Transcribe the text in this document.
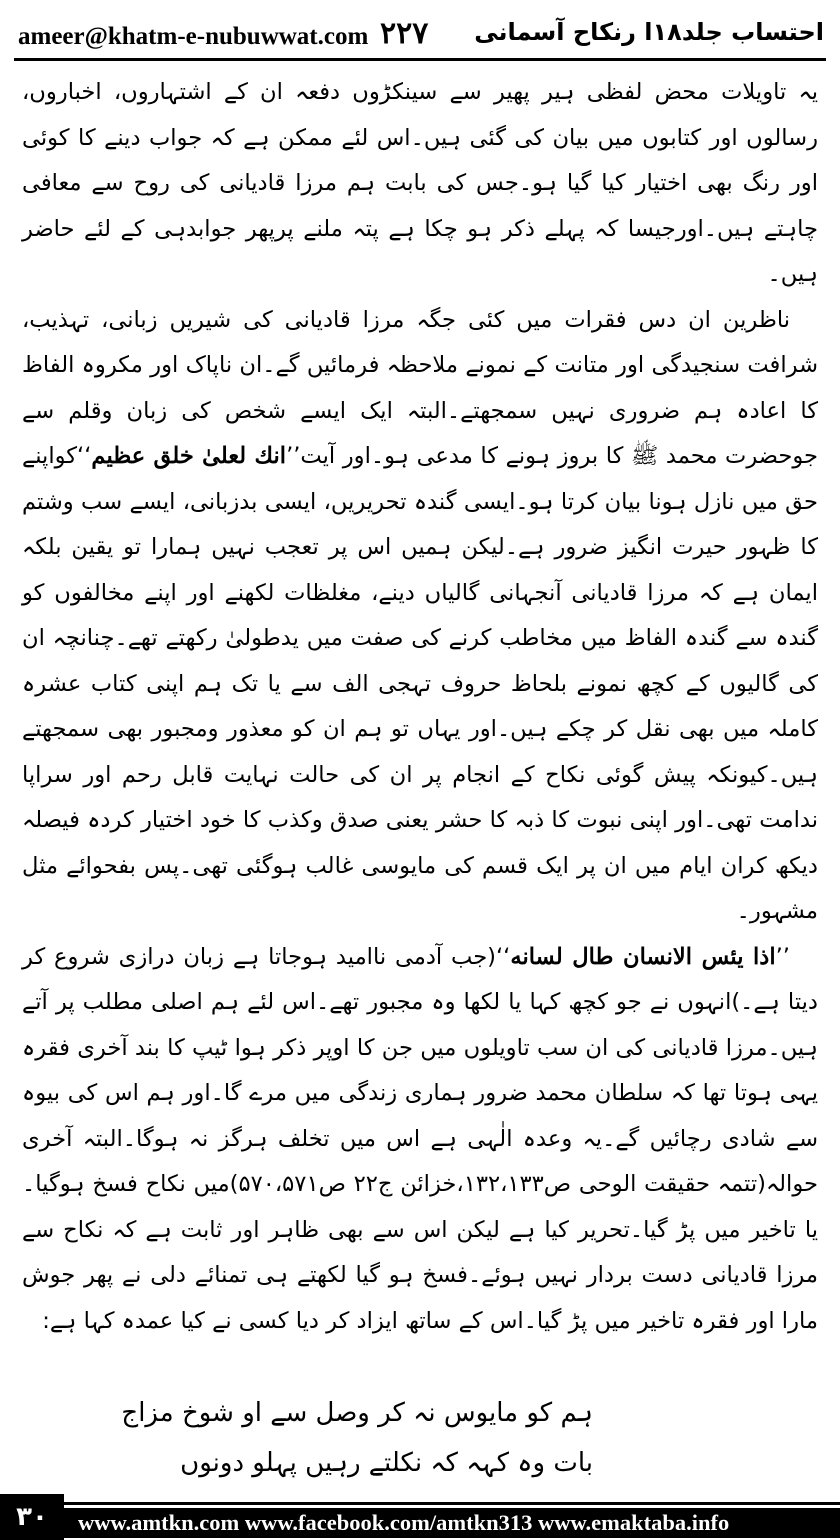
ameer@khatm-e-nubuwwat.com ۲۲۷ احتساب جلد۱۸ا رنکاح آسمانی

یہ تاویلات محض لفظی ہیر پھیر سے سینکڑوں دفعہ ان کے اشتہاروں، اخباروں، رسالوں اور کتابوں میں بیان کی گئی ہیں۔اس لئے ممکن ہے کہ جواب دینے کا کوئی اور رنگ بھی اختیار کیا گیا ہو۔جس کی بابت ہم مرزا قادیانی کی روح سے معافی چاہتے ہیں۔اورجیسا کہ پہلے ذکر ہو چکا ہے پتہ ملنے پرپھر جوابدہی کے لئے حاضر ہیں۔

ناظرین ان دس فقرات میں کئی جگہ مرزا قادیانی کی شیریں زبانی، تہذیب، شرافت سنجیدگی اور متانت کے نمونے ملاحظہ فرمائیں گے۔ان ناپاک اور مکروہ الفاظ کا اعادہ ہم ضروری نہیں سمجھتے۔البتہ ایک ایسے شخص کی زبان وقلم سے جوحضرت محمد ﷺ کا بروز ہونے کا مدعی ہو۔اور آیت’’انك لعلىٰ خلق عظيم‘‘کواپنے حق میں نازل ہونا بیان کرتا ہو۔ایسی گندہ تحریریں، ایسی بدزبانی، ایسے سب وشتم کا ظہور حیرت انگیز ضرور ہے۔لیکن ہمیں اس پر تعجب نہیں ہمارا تو یقین بلکہ ایمان ہے کہ مرزا قادیانی آنجہانی گالیاں دینے، مغلظات لکھنے اور اپنے مخالفوں کو گندہ سے گندہ الفاظ میں مخاطب کرنے کی صفت میں یدطولیٰ رکھتے تھے۔چنانچہ ان کی گالیوں کے کچھ نمونے بلحاظ حروف تہجی الف سے یا تک ہم اپنی کتاب عشرہ کاملہ میں بھی نقل کر چکے ہیں۔اور یہاں تو ہم ان کو معذور ومجبور بھی سمجھتے ہیں۔کیونکہ پیش گوئی نکاح کے انجام پر ان کی حالت نہایت قابل رحم اور سراپا ندامت تھی۔اور اپنی نبوت کا ذبہ کا حشر یعنی صدق وکذب کا خود اختیار کردہ فیصلہ دیکھ کران ایام میں ان پر ایک قسم کی مایوسی غالب ہوگئی تھی۔پس بفحوائے مثل مشہور۔

’’اذا يئس الانسان طال لسانه‘‘(جب آدمی ناامید ہوجاتا ہے زبان درازی شروع کر دیتا ہے۔)انہوں نے جو کچھ کہا یا لکھا وہ مجبور تھے۔اس لئے ہم اصلی مطلب پر آتے ہیں۔مرزا قادیانی کی ان سب تاویلوں میں جن کا اوپر ذکر ہوا ٹیپ کا بند آخری فقرہ یہی ہوتا تھا کہ سلطان محمد ضرور ہماری زندگی میں مرے گا۔اور ہم اس کی بیوہ سے شادی رچائیں گے۔یہ وعدہ الٰہی ہے اس میں تخلف ہرگز نہ ہوگا۔البتہ آخری حوالہ(تتمہ حقیقت الوحی ص۱۳۲،۱۳۳،خزائن ج۲۲ ص۵۷۰،۵۷۱)میں نکاح فسخ ہوگیا۔یا تاخیر میں پڑ گیا۔تحریر کیا ہے لیکن اس سے بھی ظاہر اور ثابت ہے کہ نکاح سے مرزا قادیانی دست بردار نہیں ہوئے۔فسخ ہو گیا لکھتے ہی تمنائے دلی نے پھر جوش مارا اور فقرہ تاخیر میں پڑ گیا۔اس کے ساتھ ایزاد کر دیا کسی نے کیا عمدہ کہا ہے:

ہم کو مایوس نہ کر وصل سے او شوخ مزاج
بات وہ کہہ کہ نکلتے رہیں پہلو دونوں
۳۰	www.amtkn.com www.facebook.com/amtkn313 www.emaktaba.info
